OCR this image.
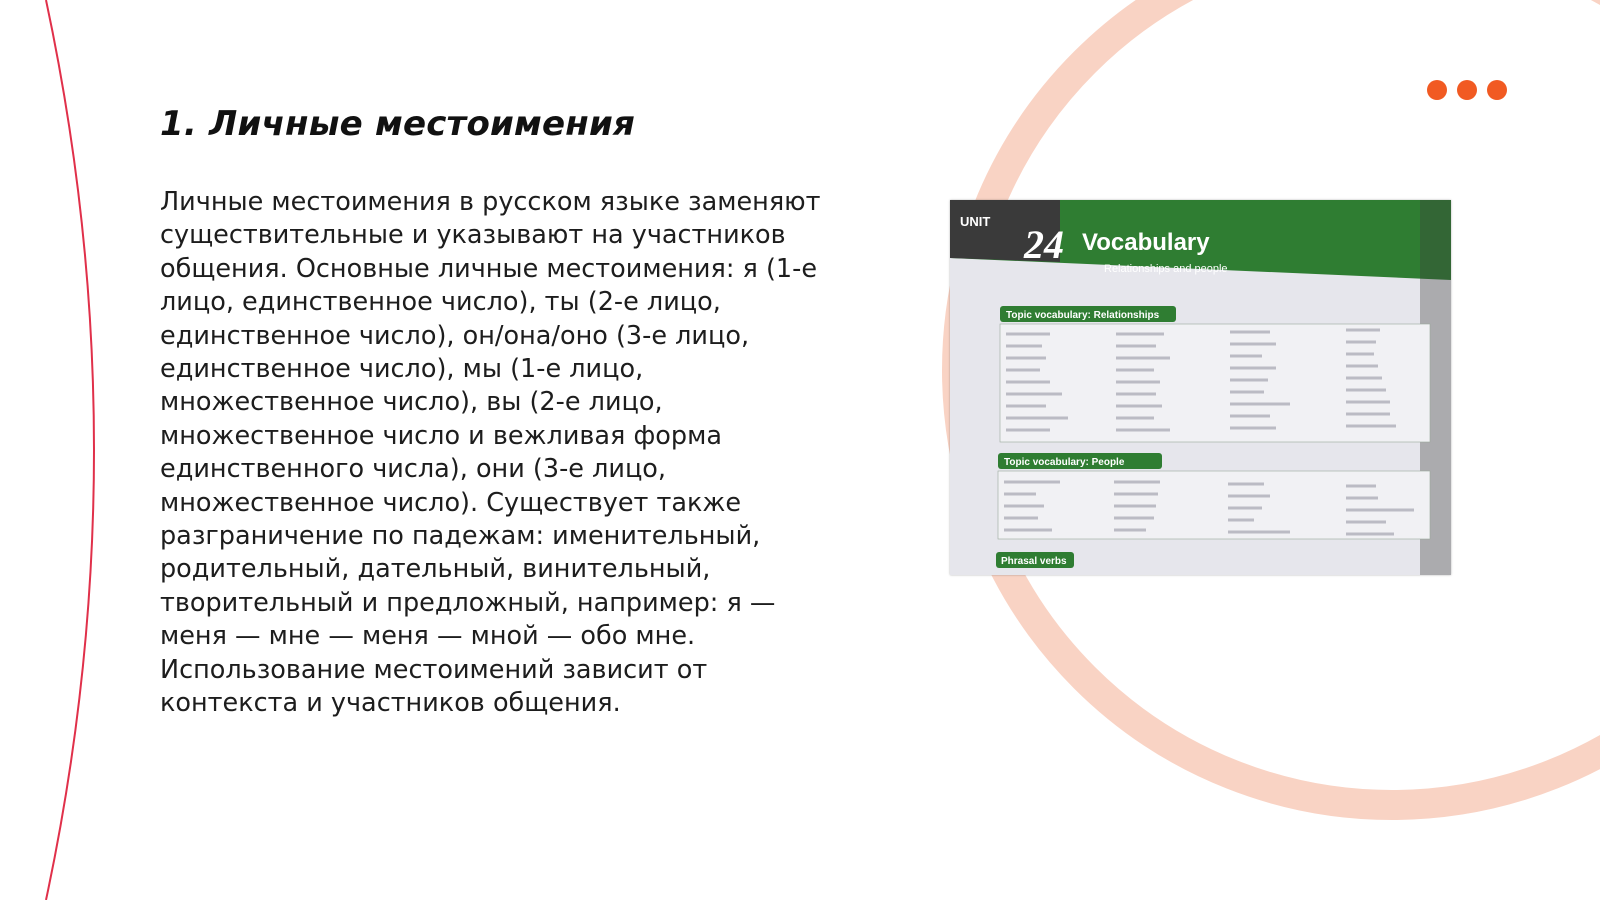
1. Личные местоимения

Личные местоимения в русском языке заменяют существительные и указывают на участников общения. Основные личные местоимения: я (1-е лицо, единственное число), ты (2-е лицо, единственное число), он/она/оно (3-е лицо, единственное число), мы (1-е лицо, множественное число), вы (2-е лицо, множественное число и вежливая форма единственного числа), они (3-е лицо, множественное число). Существует также разграничение по падежам: именительный, родительный, дательный, винительный, творительный и предложный, например: я — меня — мне — меня — мной — обо мне. Использование местоимений зависит от контекста и участников общения.

UNIT
24 Vocabulary
Relationships and people
Topic vocabulary: Relationships
Topic vocabulary: People
Phrasal verbs
